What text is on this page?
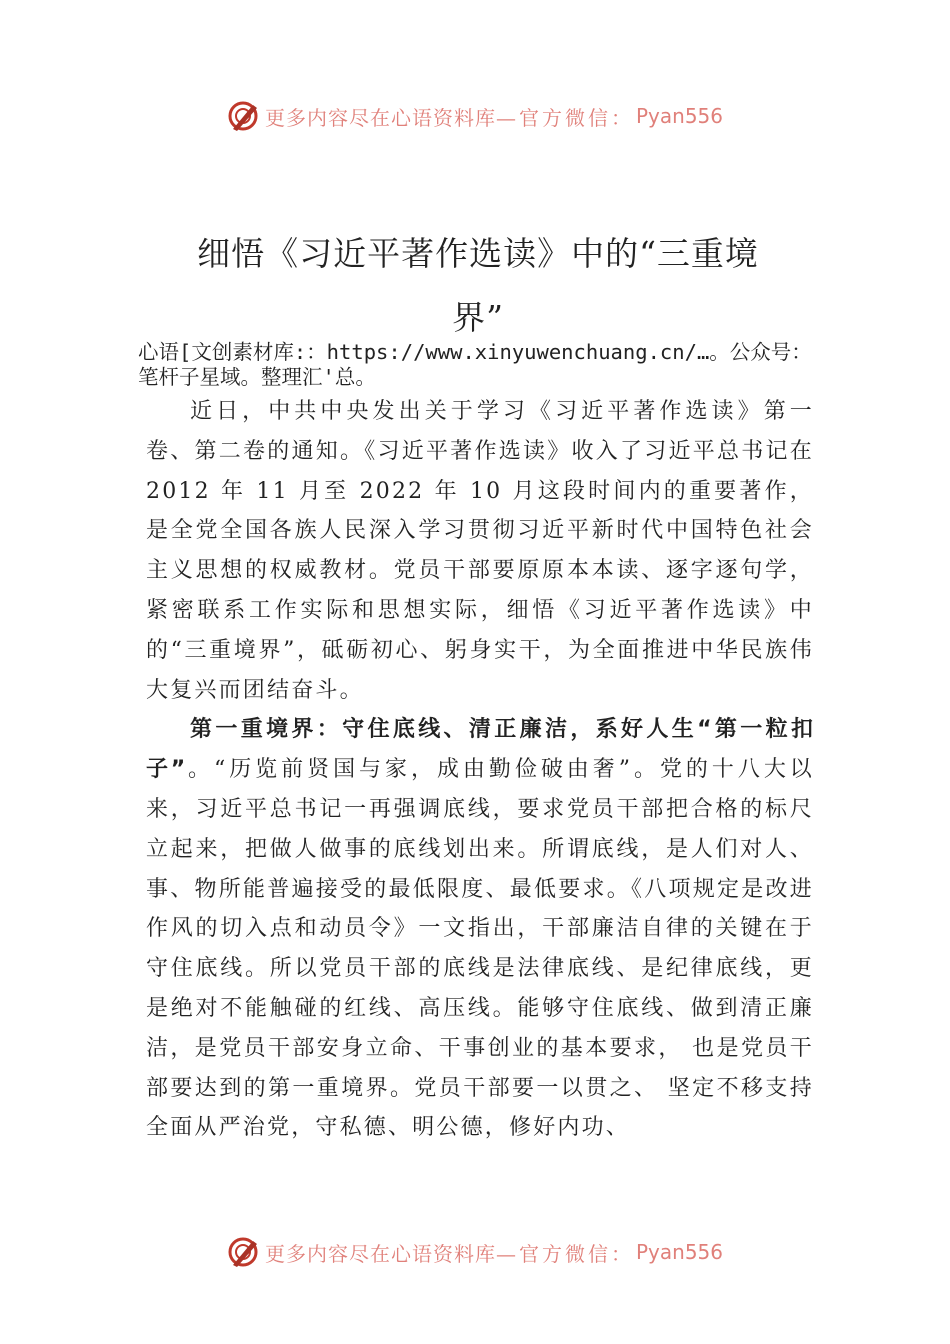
更多内容尽在心语资料库— 官方微信： Pyan556
细悟《习近平著作选读》中的“三重境
界”
心语[文创素材库:：https://www.xinyuwenchuang.cn/…。公众号：笔杆子星域。整理汇'总。

近日，中共中央发出关于学习《习近平著作选读》第一卷、第二卷的通知。《习近平著作选读》收入了习近平总书记在 2012 年 11 月至 2022 年 10 月这段时间内的重要著作，是全党全国各族人民深入学习贯彻习近平新时代中国特色社会主义思想的权威教材。党员干部要原原本本读、逐字逐句学，紧密联系工作实际和思想实际，细悟《习近平著作选读》中的“三重境界”，砥砺初心、躬身实干，为全面推进中华民族伟大复兴而团结奋斗。

第一重境界：守住底线、清正廉洁，系好人生“第一粒扣子”。“历览前贤国与家，成由勤俭破由奢”。党的十八大以来，习近平总书记一再强调底线，要求党员干部把合格的标尺立起来，把做人做事的底线划出来。所谓底线，是人们对人、事、物所能普遍接受的最低限度、最低要求。《八项规定是改进作风的切入点和动员令》一文指出，干部廉洁自律的关键在于守住底线。所以党员干部的底线是法律底线、是纪律底线，更是绝对不能触碰的红线、高压线。能够守住底线、做到清正廉洁，是党员干部安身立命、干事创业的基本要求， 也是党员干部要达到的第一重境界。党员干部要一以贯之、 坚定不移支持全面从严治党，守私德、明公德，修好内功、

更多内容尽在心语资料库— 官方微信： Pyan556
